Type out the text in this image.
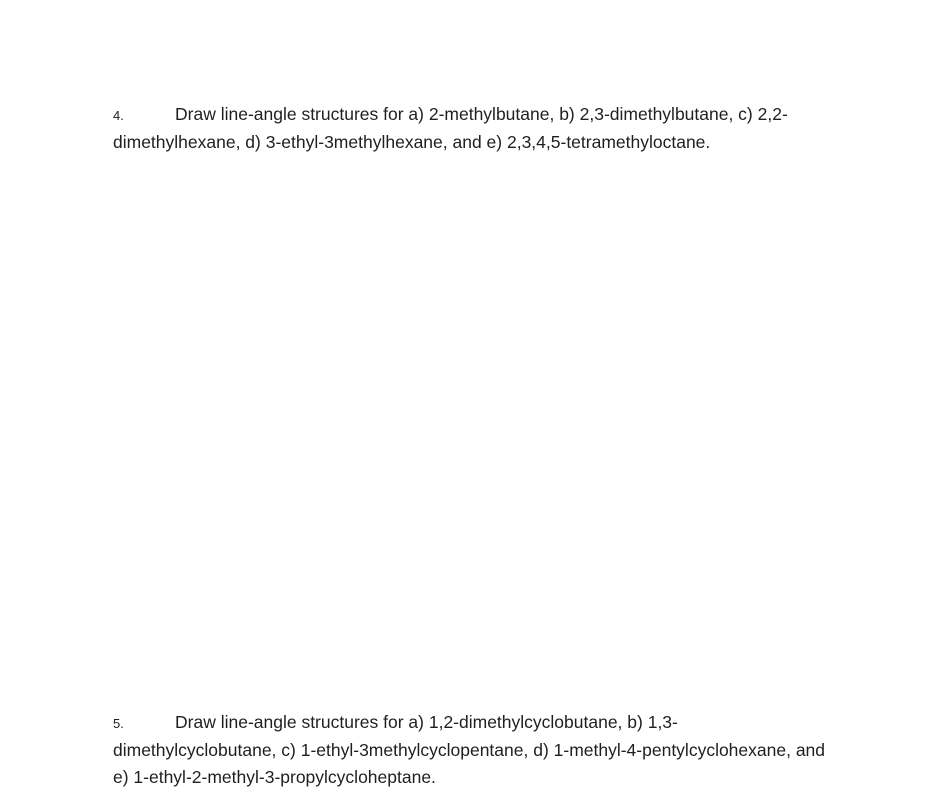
4.	Draw line-angle structures for a) 2-methylbutane, b) 2,3-dimethylbutane, c) 2,2-dimethylhexane, d) 3-ethyl-3methylhexane, and e) 2,3,4,5-tetramethyloctane.

5.	Draw line-angle structures for a) 1,2-dimethylcyclobutane, b) 1,3-dimethylcyclobutane, c) 1-ethyl-3methylcyclopentane, d) 1-methyl-4-pentylcyclohexane, and e) 1-ethyl-2-methyl-3-propylcycloheptane.
